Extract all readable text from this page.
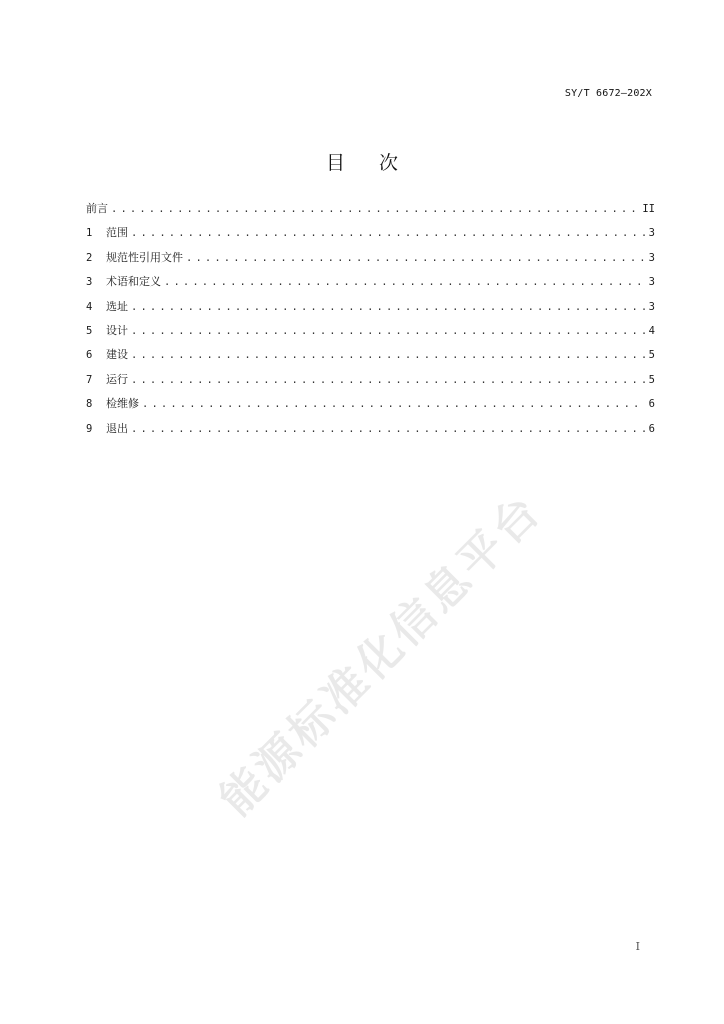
SY/T 6672—202X
目 次
前言 . . .	II
1	范围 . . .	3
2	规范性引用文件 . . .	3
3	术语和定义 . . .	3
4	选址 . . .	3
5	设计 . . .	4
6	建设 . . .	5
7	运行 . . .	5
8	检维修 . . .	6
9	退出 . . .	6
能源标准化信息平台
I
